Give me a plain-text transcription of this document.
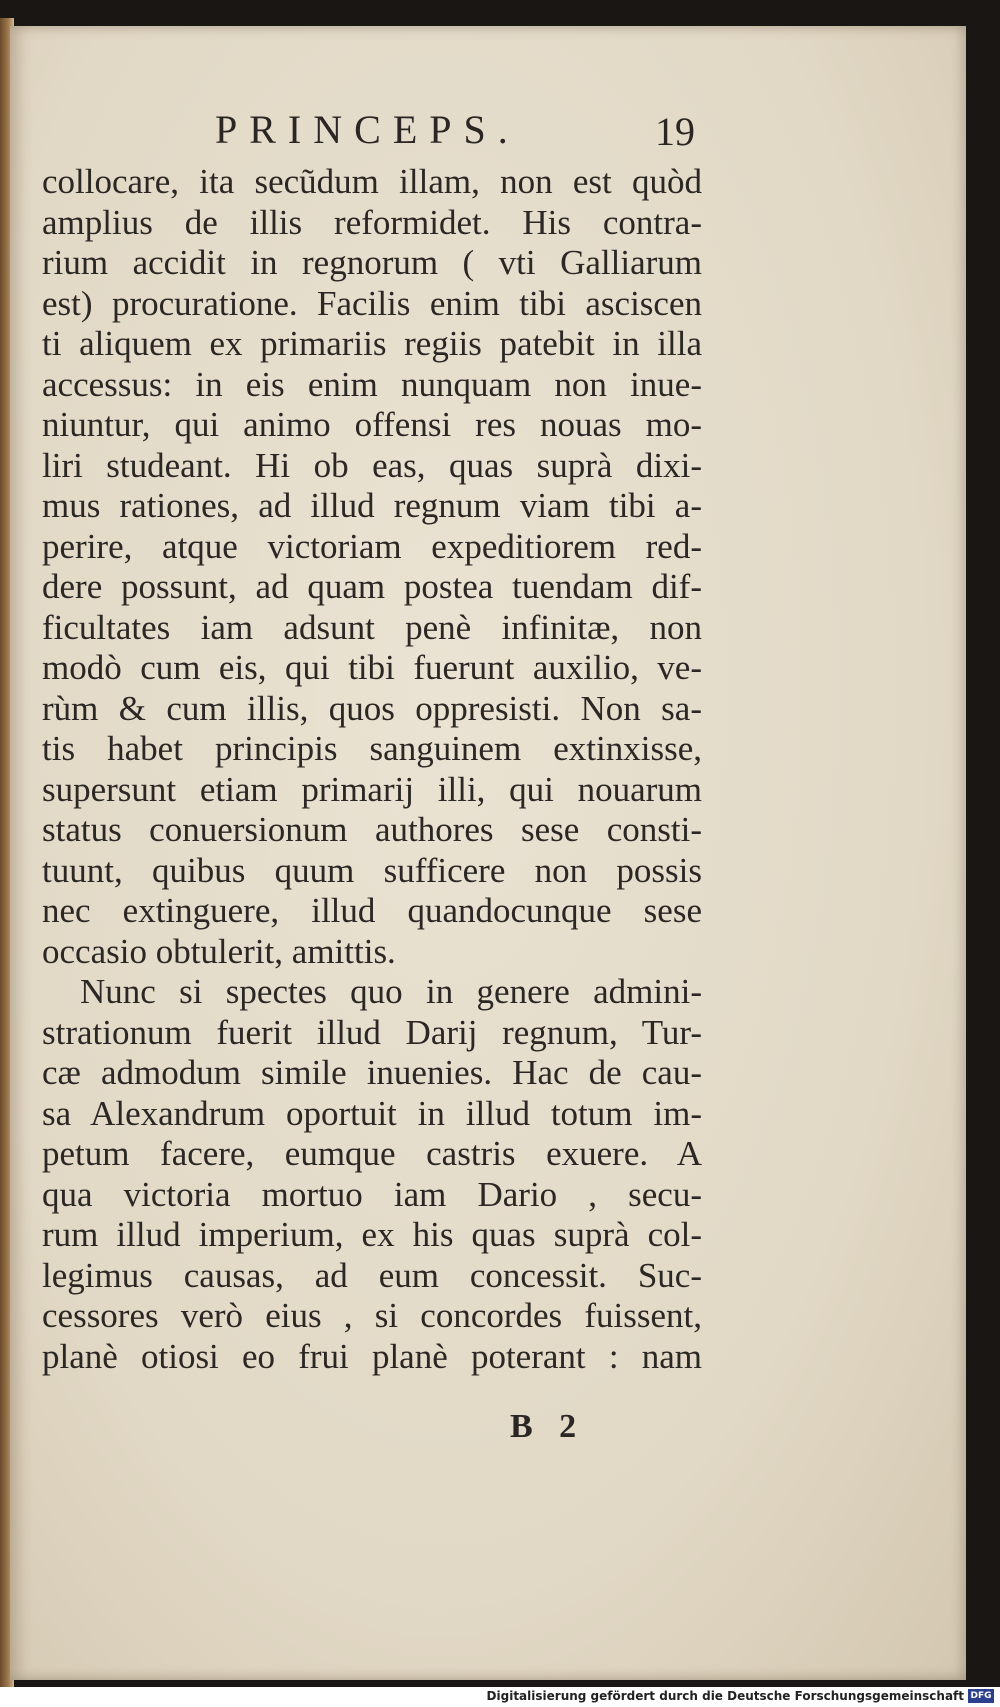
PRINCEPS.	19
collocare, ita secũdum illam, non est quòd
amplius de illis reformidet. His contra-
rium accidit in regnorum ( vti Galliarum
est) procuratione. Facilis enim tibi asciscen
ti aliquem ex primariis regiis patebit in illa
accessus: in eis enim nunquam non inue-
niuntur, qui animo offensi res nouas mo-
liri studeant. Hi ob eas, quas suprà dixi-
mus rationes, ad illud regnum viam tibi a-
perire, atque victoriam expeditiorem red-
dere possunt, ad quam postea tuendam dif-
ficultates iam adsunt penè infinitæ, non
modò cum eis, qui tibi fuerunt auxilio, ve-
rùm & cum illis, quos oppresisti. Non sa-
tis habet principis sanguinem extinxisse,
supersunt etiam primarij illi, qui nouarum
status conuersionum authores sese consti-
tuunt, quibus quum sufficere non possis
nec extinguere, illud quandocunque sese
occasio obtulerit, amittis.
Nunc si spectes quo in genere admini-
strationum fuerit illud Darij regnum, Tur-
cæ admodum simile inuenies. Hac de cau-
sa Alexandrum oportuit in illud totum im-
petum facere, eumque castris exuere. A
qua victoria mortuo iam Dario , secu-
rum illud imperium, ex his quas suprà col-
legimus causas, ad eum concessit. Suc-
cessores verò eius , si concordes fuissent,
planè otiosi eo frui planè poterant : nam
B 2
Digitalisierung gefördert durch die Deutsche Forschungsgemeinschaft DFG
